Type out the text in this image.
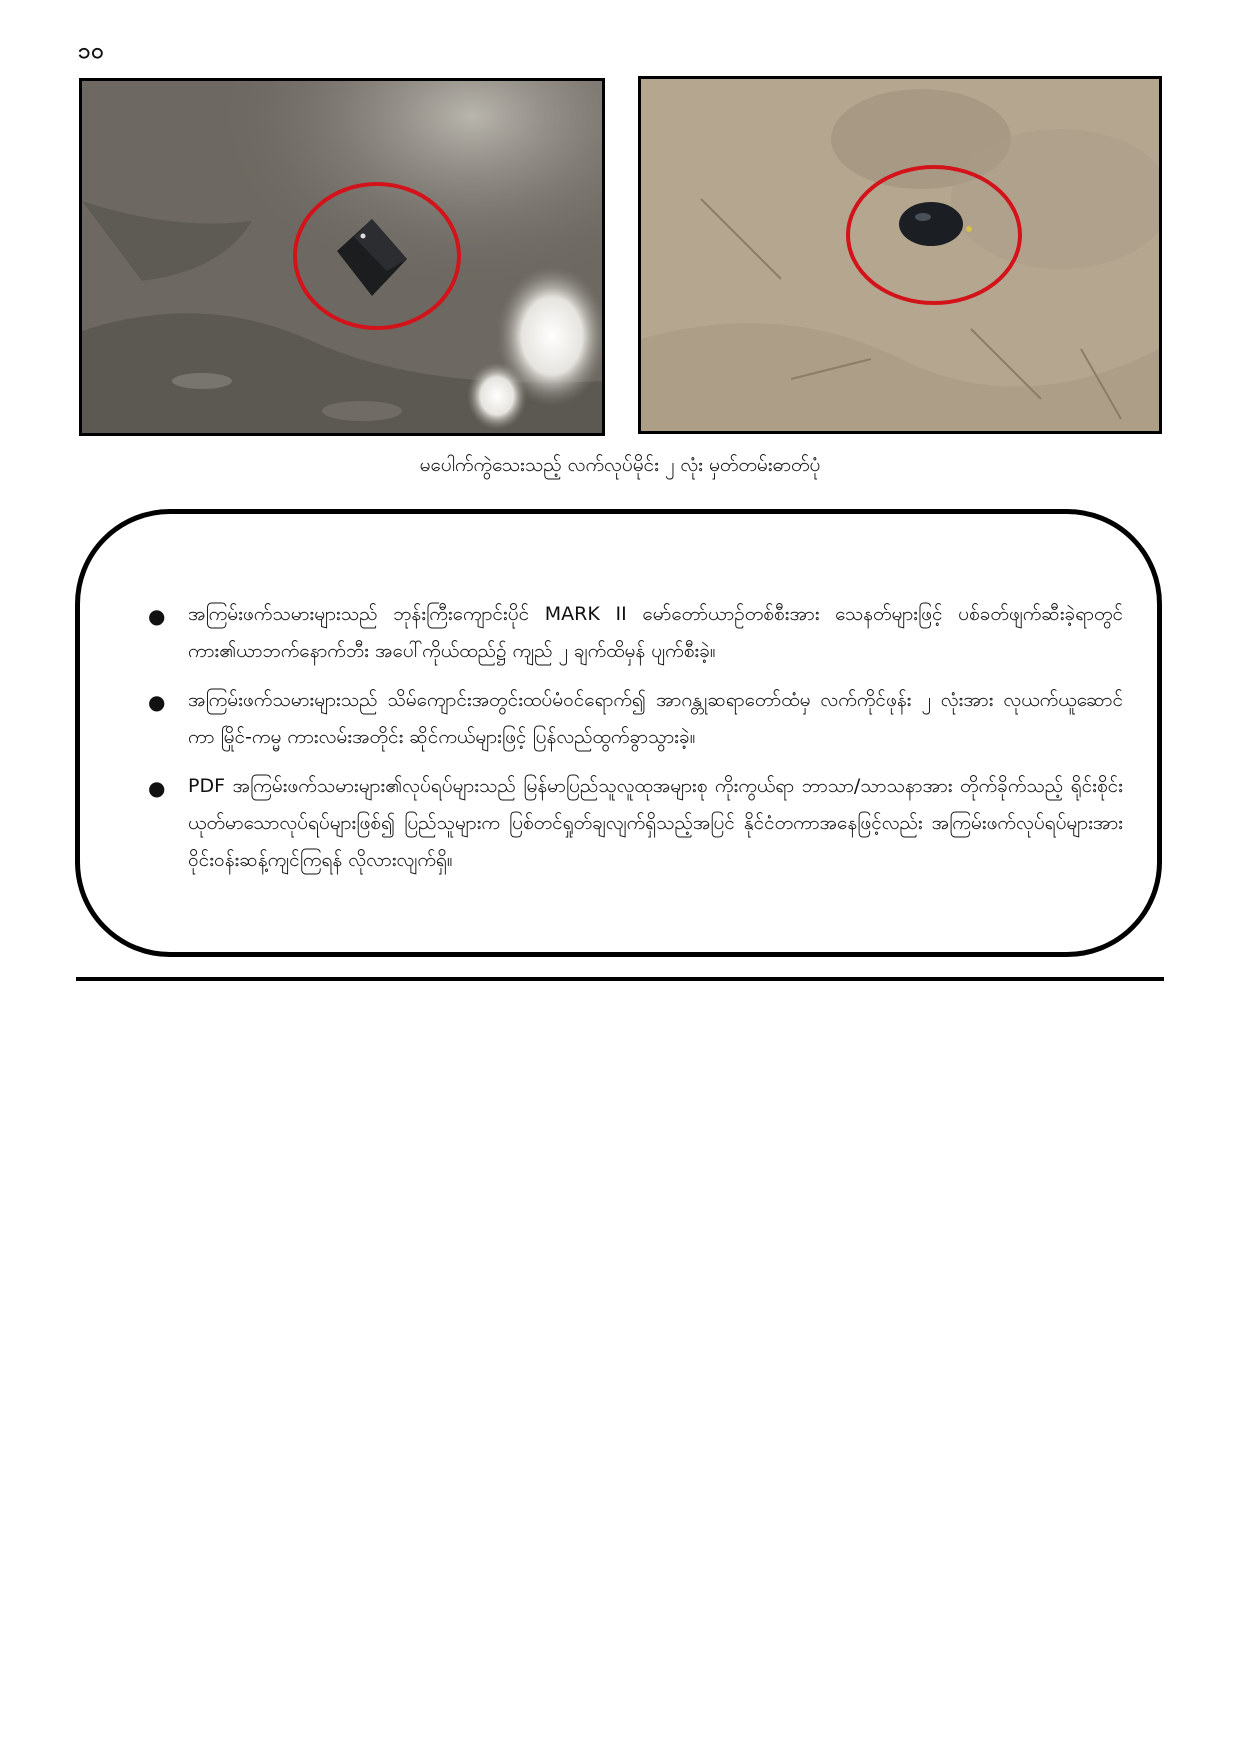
၁၀
မပေါက်ကွဲသေးသည့် လက်လုပ်မိုင်း ၂ လုံး မှတ်တမ်းဓာတ်ပုံ
● အကြမ်းဖက်သမားများသည် ဘုန်းကြီးကျောင်းပိုင် MARK II မော်တော်ယာဉ်တစ်စီးအား သေနတ်များဖြင့် ပစ်ခတ်ဖျက်ဆီးခဲ့ရာတွင် ကား၏ယာဘက်နောက်ဘီး အပေါ်ကိုယ်ထည်၌ ကျည် ၂ ချက်ထိမှန် ပျက်စီးခဲ့။
● အကြမ်းဖက်သမားများသည် သိမ်ကျောင်းအတွင်းထပ်မံဝင်ရောက်၍ အာဂန္တုဆရာတော်ထံမှ လက်ကိုင်ဖုန်း ၂ လုံးအား လုယက်ယူဆောင်ကာ မြိုင်-ကမ္မ ကားလမ်းအတိုင်း ဆိုင်ကယ်များဖြင့် ပြန်လည်ထွက်ခွာသွားခဲ့။
● PDF အကြမ်းဖက်သမားများ၏လုပ်ရပ်များသည် မြန်မာပြည်သူလူထုအများစု ကိုးကွယ်ရာ ဘာသာ/သာသနာအား တိုက်ခိုက်သည့် ရိုင်းစိုင်းယုတ်မာသောလုပ်ရပ်များဖြစ်၍ ပြည်သူများက ပြစ်တင်ရှုတ်ချလျက်ရှိသည့်အပြင် နိုင်ငံတကာအနေဖြင့်လည်း အကြမ်းဖက်လုပ်ရပ်များအား ဝိုင်းဝန်းဆန့်ကျင်ကြရန် လိုလားလျက်ရှိ။
